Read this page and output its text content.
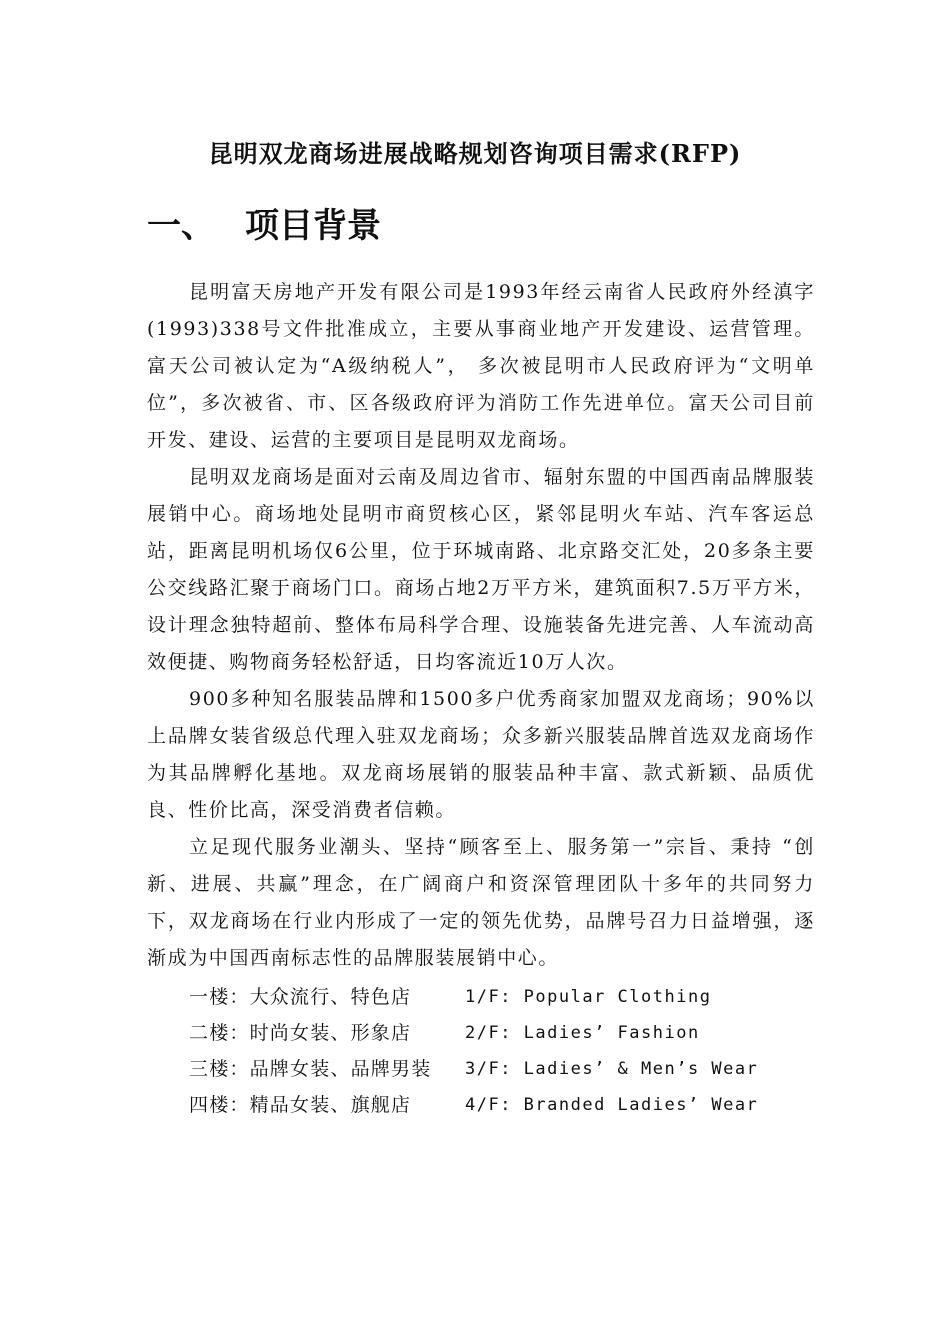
昆明双龙商场进展战略规划咨询项目需求(RFP)
一、 项目背景

昆明富天房地产开发有限公司是1993年经云南省人民政府外经滇字(1993)338号文件批准成立，主要从事商业地产开发建设、运营管理。富天公司被认定为“A级纳税人”， 多次被昆明市人民政府评为“文明单位”，多次被省、市、区各级政府评为消防工作先进单位。富天公司目前开发、建设、运营的主要项目是昆明双龙商场。

昆明双龙商场是面对云南及周边省市、辐射东盟的中国西南品牌服装展销中心。商场地处昆明市商贸核心区，紧邻昆明火车站、汽车客运总站，距离昆明机场仅6公里，位于环城南路、北京路交汇处，20多条主要公交线路汇聚于商场门口。商场占地2万平方米，建筑面积7.5万平方米，设计理念独特超前、整体布局科学合理、设施装备先进完善、人车流动高效便捷、购物商务轻松舒适，日均客流近10万人次。

900多种知名服装品牌和1500多户优秀商家加盟双龙商场；90%以上品牌女装省级总代理入驻双龙商场；众多新兴服装品牌首选双龙商场作为其品牌孵化基地。双龙商场展销的服装品种丰富、款式新颖、品质优良、性价比高，深受消费者信赖。

立足现代服务业潮头、坚持“顾客至上、服务第一”宗旨、秉持 “创新、进展、共赢”理念，在广阔商户和资深管理团队十多年的共同努力下，双龙商场在行业内形成了一定的领先优势，品牌号召力日益增强，逐渐成为中国西南标志性的品牌服装展销中心。

一楼：大众流行、特色店	1/F: Popular Clothing
二楼：时尚女装、形象店	2/F: Ladies’ Fashion
三楼：品牌女装、品牌男装	3/F: Ladies’ & Men’s Wear
四楼：精品女装、旗舰店	4/F: Branded Ladies’ Wear
